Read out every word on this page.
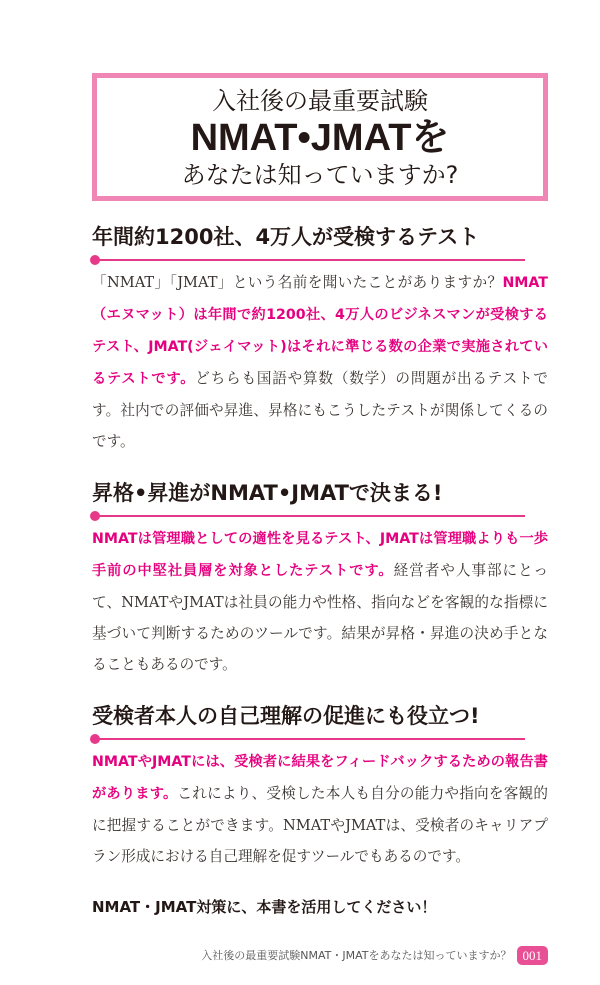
入社後の最重要試験
NMAT•JMATを
あなたは知っていますか?
年間約1200社、4万人が受検するテスト

「NMAT」「JMAT」という名前を聞いたことがありますか？NMAT（エヌマット）は年間で約1200社、4万人のビジネスマンが受検するテスト、JMAT(ジェイマット)はそれに準じる数の企業で実施されているテストです。どちらも国語や算数（数学）の問題が出るテストです。社内での評価や昇進、昇格にもこうしたテストが関係してくるのです。

昇格•昇進がNMAT•JMATで決まる!

NMATは管理職としての適性を見るテスト、JMATは管理職よりも一歩手前の中堅社員層を対象としたテストです。経営者や人事部にとって、NMATやJMATは社員の能力や性格、指向などを客観的な指標に基づいて判断するためのツールです。結果が昇格・昇進の決め手となることもあるのです。

受検者本人の自己理解の促進にも役立つ!

NMATやJMATには、受検者に結果をフィードバックするための報告書があります。これにより、受検した本人も自分の能力や指向を客観的に把握することができます。NMATやJMATは、受検者のキャリアプラン形成における自己理解を促すツールでもあるのです。

NMAT・JMAT対策に、本書を活用してください！

入社後の最重要試験NMAT・JMATをあなたは知っていますか？ 001
